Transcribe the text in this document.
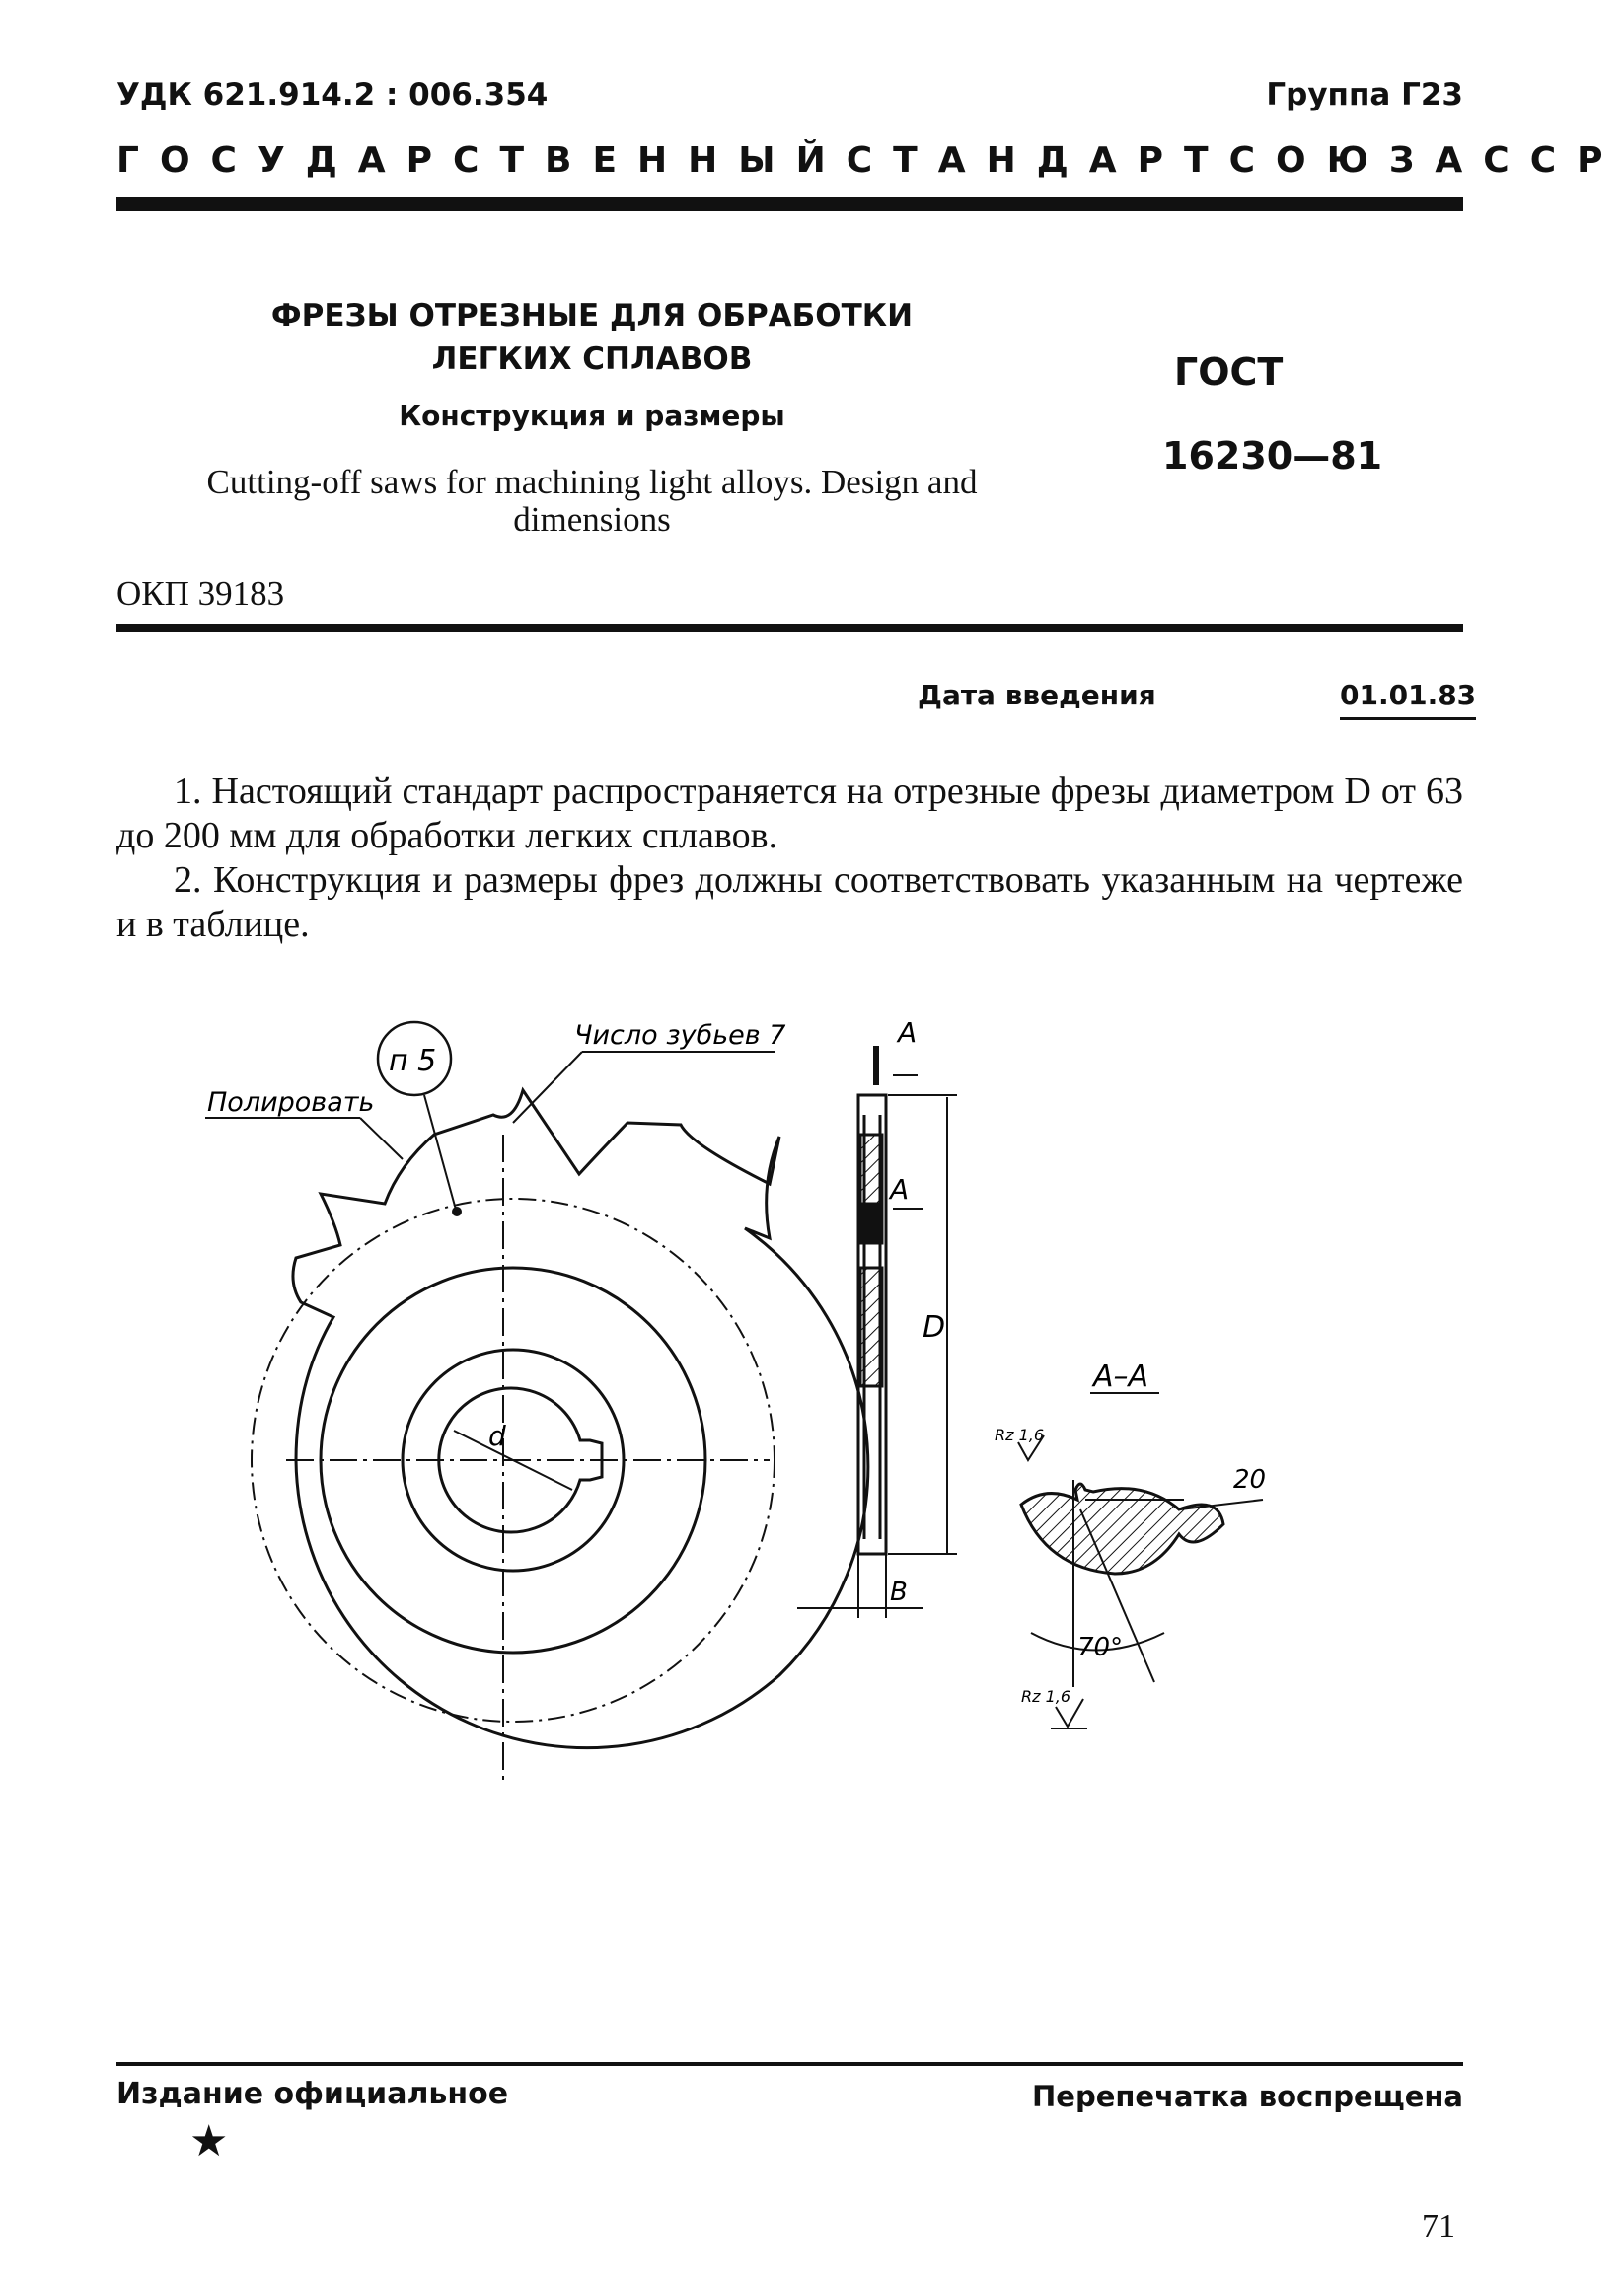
УДК 621.914.2 : 006.354	Группа Г23
ГОСУДАРСТВЕННЫЙ СТАНДАРТ СОЮЗА ССР
ФРЕЗЫ ОТРЕЗНЫЕ ДЛЯ ОБРАБОТКИ ЛЕГКИХ СПЛАВОВ
Конструкция и размеры
Cutting-off saws for machining light alloys. Design and dimensions
ГОСТ
16230—81
ОКП 39183
Дата введения	01.01.83
1. Настоящий стандарт распространяется на отрезные фрезы диаметром D от 63 до 200 мм для обработки легких сплавов.
2. Конструкция и размеры фрез должны соответствовать указанным на чертеже и в таблице.
п 5
Число зубьев 7
Полировать
d
A
A
D
B
А–А
20
70°
Rz 1,6
Rz 1,6
Издание официальное
★
Перепечатка воспрещена
71
